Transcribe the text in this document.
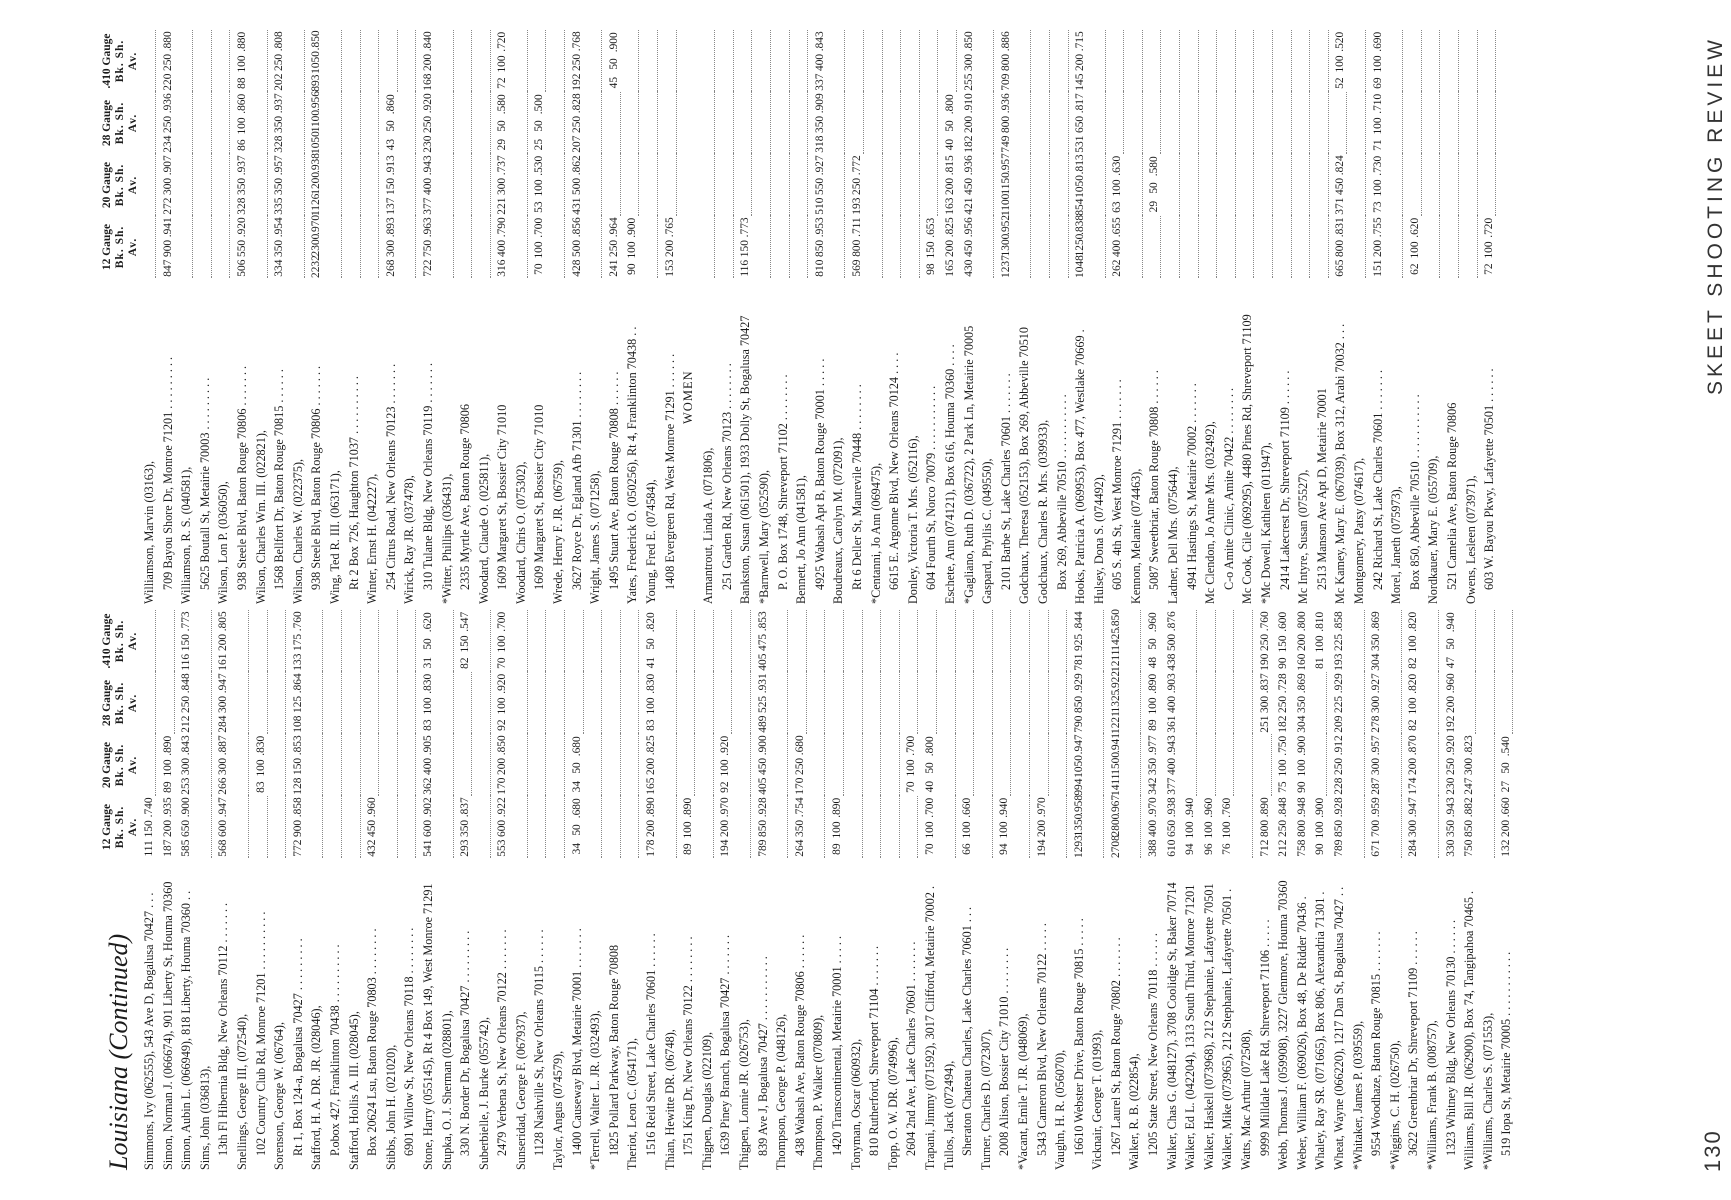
Louisiana (Continued)
12 Gauge Bk. Sh. Av.
20 Gauge Bk. Sh. Av.
28 Gauge Bk. Sh. Av.
.410 Gauge Bk. Sh. Av.
Simmons, Ivy (062555), 543 Ave D, Bogalusa 70427 . . .
111
150
.740
Simon, Norman J. (066674), 901 Liberty St, Houma 70360
187
200
.935
89
100
.890
Simon, Aubin L. (066949), 818 Liberty, Houma 70360 . .
585
650
.900
253
300
.843
212
250
.848
116
150
.773
Sims, John (036813), 13th Fl Hibernia Bldg, New Orleans 70112 . . . . . . .
568
600
.947
266
300
.887
284
300
.947
161
200
.805
Snellings, George III, (072540), 102 Country Club Rd, Monroe 71201 . . . . . . . . . .
83
100
.830
Sorenson, George W. (06764), Rt 1, Box 124-a, Bogalusa 70427 . . . . . . . . .
772
900
.858
128
150
.853
108
125
.864
133
175
.760
Stafford, H. A. DR. JR. (028046), P.obox 427, Franklinton 70438 . . . . . . . . . . Stafford, Hollis A. III. (028045), Box 20624 Lsu, Baton Rouge 70803 . . . . . . . .
432
450
.960
Stibbs, John H. (021020), 6901 Willow St, New Orleans 70118 . . . . . . . . Stone, Harry (055145), Rt 4 Box 149, West Monroe 71291
541
600
.902
362
400
.905
83
100
.830
31
50
.620
Stupka, O. J. Sherman (028801), 330 N. Border Dr, Bogalusa 70427 . . . . . . . . .
293
350
.837
82
150
.547
Suberbielle, J. Burke (055742), 2479 Verbena St, New Orleans 70122 . . . . . . .
553
600
.922
170
200
.850
92
100
.920
70
100
.700
Sunseridad, George F. (067937), 1128 Nashville St, New Orleans 70115 . . . . . . Taylor, Angus (074579), 1400 Causeway Blvd, Metairie 70001 . . . . . . .
34
50
.680
34
50
.680
*Terrell, Walter L. JR. (032493), 1825 Pollard Parkway, Baton Rouge 70808 Theriot, Leon C. (054171), 1516 Reid Street, Lake Charles 70601 . . . . . .
178
200
.890
165
200
.825
83
100
.830
41
50
.820
Thian, Hewitte DR. (06748), 1751 King Dr, New Orleans 70122 . . . . . . . .
89
100
.890
Thigpen, Douglas (022109), 1639 Piney Branch, Bogalusa 70427 . . . . . . .
194
200
.970
92
100
.920
Thigpen, Lonnie JR. (026753), 839 Ave J, Bogalusa 70427 . . . . . . . . . . .
789
850
.928
405
450
.900
489
525
.931
405
475
.853
Thompson, George P. (048126), 438 Wabash Ave, Baton Rouge 70806 . . . . . .
264
350
.754
170
250
.680
Thompson, P. Walker (070809), 1420 Transcontinental, Metairie 70001 . . . . .
89
100
.890
Tonyman, Oscar (060932), 810 Rutherford, Shreveport 71104 . . . . . . . Topp, O. W. DR. (074996), 2604 2nd Ave, Lake Charles 70601 . . . . . . .
70
100
.700
Trapani, Jimmy (071592), 3017 Clifford, Metairie 70002 .
70
100
.700
40
50
.800
Tullos, Jack (072494), Sheraton Chateau Charles, Lake Charles 70601 . . .
66
100
.660
Turner, Charles D. (072307), 2008 Alison, Bossier City 71010 . . . . . . . .
94
100
.940
*Vacant, Emile T. JR. (048069), 5343 Cameron Blvd, New Orleans 70122 . . . . .
194
200
.970
Vaughn, H. R. (056070), 16610 Webster Drive, Baton Rouge 70815 . . . . .
1293
1350
.958
994
1050
.947
790
850
.929
781
925
.844
Vicknair, George T. (01993), 1267 Laurel St, Baton Rouge 70802 . . . . . . .
2708
2800
.967
1411
1500
.941
1221
1325
.922
1211
1425
.850
Walker, R. B. (022854), 1205 State Street, New Orleans 70118 . . . . . .
388
400
.970
342
350
.977
89
100
.890
48
50
.960
Walker, Chas G. (048127), 3708 Coolidge St, Baker 70714
610
650
.938
377
400
.943
361
400
.903
438
500
.876
Walker, Ed L. (042204), 1313 South Third, Monroe 71201
94
100
.940
Walker, Haskell (073968), 212 Stephanie, Lafayette 70501
96
100
.960
Walker, Mike (073965), 212 Stephanie, Lafayette 70501 .
76
100
.760
Watts, Mac Arthur (072508), 9999 Milldale Lake Rd, Shreveport 71106 . . . . .
712
800
.890
251
300
.837
190
250
.760
Webb, Thomas J. (059908), 3227 Glenmore, Houma 70360
212
250
.848
75
100
.750
182
250
.728
90
150
.600
Weber, William F. (069026), Box 48, De Ridder 70436 .
758
800
.948
90
100
.900
304
350
.869
160
200
.800
Whaley, Ray SR. (071665), Box 806, Alexandria 71301 .
90
100
.900
81
100
.810
Wheat, Wayne (066220), 1217 Dan St, Bogalusa 70427 . .
789
850
.928
228
250
.912
209
225
.929
193
225
.858
*Whitaker, James P. (039559), 9554 Woodhaze, Baton Rouge 70815 . . . . . . .
671
700
.959
287
300
.957
278
300
.927
304
350
.869
*Wiggins, C. H. (026750), 3622 Greenbriar Dr, Shreveport 71109 . . . . . .
284
300
.947
174
200
.870
82
100
.820
82
100
.820
*Williams, Frank B. (008757), 1323 Whitney Bldg, New Orleans 70130 . . . . . .
330
350
.943
230
250
.920
192
200
.960
47
50
.940
Williams, Bill JR. (062900), Box 74, Tangipahoa 70465 .
750
850
.882
247
300
.823
*Williams, Charles S. (071553), 519 Iopa St, Metairie 70005 . . . . . . . . . . .
132
200
.660
27
50
.540
12 Gauge Bk. Sh. Av.
20 Gauge Bk. Sh. Av.
28 Gauge Bk. Sh. Av.
.410 Gauge Bk. Sh. Av.
Williamson, Marvin (03163), 709 Bayou Shore Dr, Monroe 71201 . . . . . . . . .
847
900
.941
272
300
.907
234
250
.936
220
250
.880
Williamson, R. S. (040581), 5625 Boutall St, Metairie 70003 . . . . . . . . . Wilson, Lon P. (036050), 938 Steele Blvd, Baton Rouge 70806 . . . . . . .
506
550
.920
328
350
.937
86
100
.860
88
100
.880
Wilson, Charles Wm. III. (022821), 1568 Bellfort Dr, Baton Rouge 70815 . . . . . .
334
350
.954
335
350
.957
328
350
.937
202
250
.808
Wilson, Charles W. (022375), 938 Steele Blvd, Baton Rouge 70806 . . . . . . .
2232
2300
.970
1126
1200
.938
1050
1100
.956
893
1050
.850
Wing, Ted R. III. (063171), Rt 2 Box 726, Haughton 71037 . . . . . . . . . . Winter, Ernst H. (042227), 254 Citrus Road, New Orleans 70123 . . . . . . .
268
300
.893
137
150
.913
43
50
.860
Wirick, Ray JR. (037478), 310 Tulane Bldg, New Orleans 70119 . . . . . . .
722
750
.963
377
400
.943
230
250
.920
168
200
.840
*Witter, Phillips (036431), 2335 Myrtle Ave, Baton Rouge 70806 Woodard, Claude O. (025811), 1609 Margaret St, Bossier City 71010
316
400
.790
221
300
.737
29
50
.580
72
100
.720
Woodard, Chris O. (075302), 1609 Margaret St, Bossier City 71010
70
100
.700
53
100
.530
25
50
.500
Wrede, Henry F. JR. (06759), 3627 Royce Dr, Egland Afb 71301 . . . . . . . .
428
500
.856
431
500
.862
207
250
.828
192
250
.768
Wright, James S. (071258), 1495 Stuart Ave, Baton Rouge 70808 . . . . . .
241
250
.964
45
50
.900
Yates, Frederick O. (050256), Rt 4, Franklinton 70438 . .
90
100
.900
Young, Fred E. (074584), 1408 Evergreen Rd, West Monroe 71291 . . . . . .
153
200
.765
WOMEN
Armantrout, Linda A. (071806), 251 Garden Rd, New Orleans 70123 . . . . . . . . Bankston, Susan (061501), 1933 Dolly St, Bogalusa 70427
116
150
.773
*Barnwell, Mary (052590), P. O. Box 1748, Shreveport 71102 . . . . . . . . Bennett, Jo Ann (041581), 4925 Wabash Apt B, Baton Rouge 70001 . . . . .
810
850
.953
510
550
.927
318
350
.909
337
400
.843
Boudreaux, Carolyn M. (072091), Rt 6 Deller St, Maurevile 70448 . . . . . . . .
569
800
.711
193
250
.772
*Centanni, Jo Ann (069475), 6615 E. Argonne Blvd, New Orleans 70124 . . . . Donley, Victoria T. Mrs. (052116), 604 Fourth St, Norco 70079 . . . . . . . . . . .
98
150
.653
Eschete, Ann (074121), Box 616, Houma 70360 . . . .
165
200
.825
163
200
.815
40
50
.800
*Gagliano, Ruth D. (036722), 2 Park Ln, Metairie 70005
430
450
.956
421
450
.936
182
200
.910
255
300
.850
Gaspard, Phyllis C. (049550), 2101 Barbe St, Lake Charles 70601 . . . . . . .
1237
1300
.952
1100
1150
.957
749
800
.936
709
800
.886
Godchaux, Theresa (052153), Box 269, Abbeville 70510 Godchaux, Charles R. Mrs. (039933), Box 269, Abbeville 70510 . . . . . . . . . . . Hooks, Patricia A. (069953), Box 477, Westlake 70669 .
1048
1250
.838
854
1050
.813
531
650
.817
145
200
.715
Hulsey, Dona S. (074492), 605 S. 4th St, West Monroe 71291 . . . . . . .
262
400
.655
63
100
.630
Kennon, Melanie (074463), 5087 Sweetbriar, Baton Rouge 70808 . . . . . .
29
50
.580
Ladner, Dell Mrs. (075644), 4941 Hastings St, Metairie 70002 . . . . . . . Mc Clendon, Jo Anne Mrs. (032492), C-o Amite Clinic, Amite 70422 . . . . . . . . Mc Cook, Cile (069295), 4480 Pines Rd, Shreveport 71109 *Mc Dowell, Kathleen (011947), 2414 Lakecrest Dr, Shreveport 71109 . . . . . . Mc Intyre, Susan (075527), 2513 Manson Ave Apt D, Metairie 70001 Mc Kamey, Mary E. (067039), Box 312, Arabi 70032 . . .
665
800
.831
371
450
.824
52
100
.520
Montgomery, Patsy (074617), 242 Richard St, Lake Charles 70601 . . . . . . .
151
200
.755
73
100
.730
71
100
.710
69
100
.690
Morel, Janeth (075973), Box 850, Abbeville 70510 . . . . . . . . . . .
62
100
.620
Nordkauer, Mary E. (055709), 521 Camelia Ave, Baton Rouge 70806 Owens, Lesleen (073971), 603 W. Bayou Pkwy, Lafayette 70501 . . . . . .
72
100
.720
130
SKEET SHOOTING REVIEW
